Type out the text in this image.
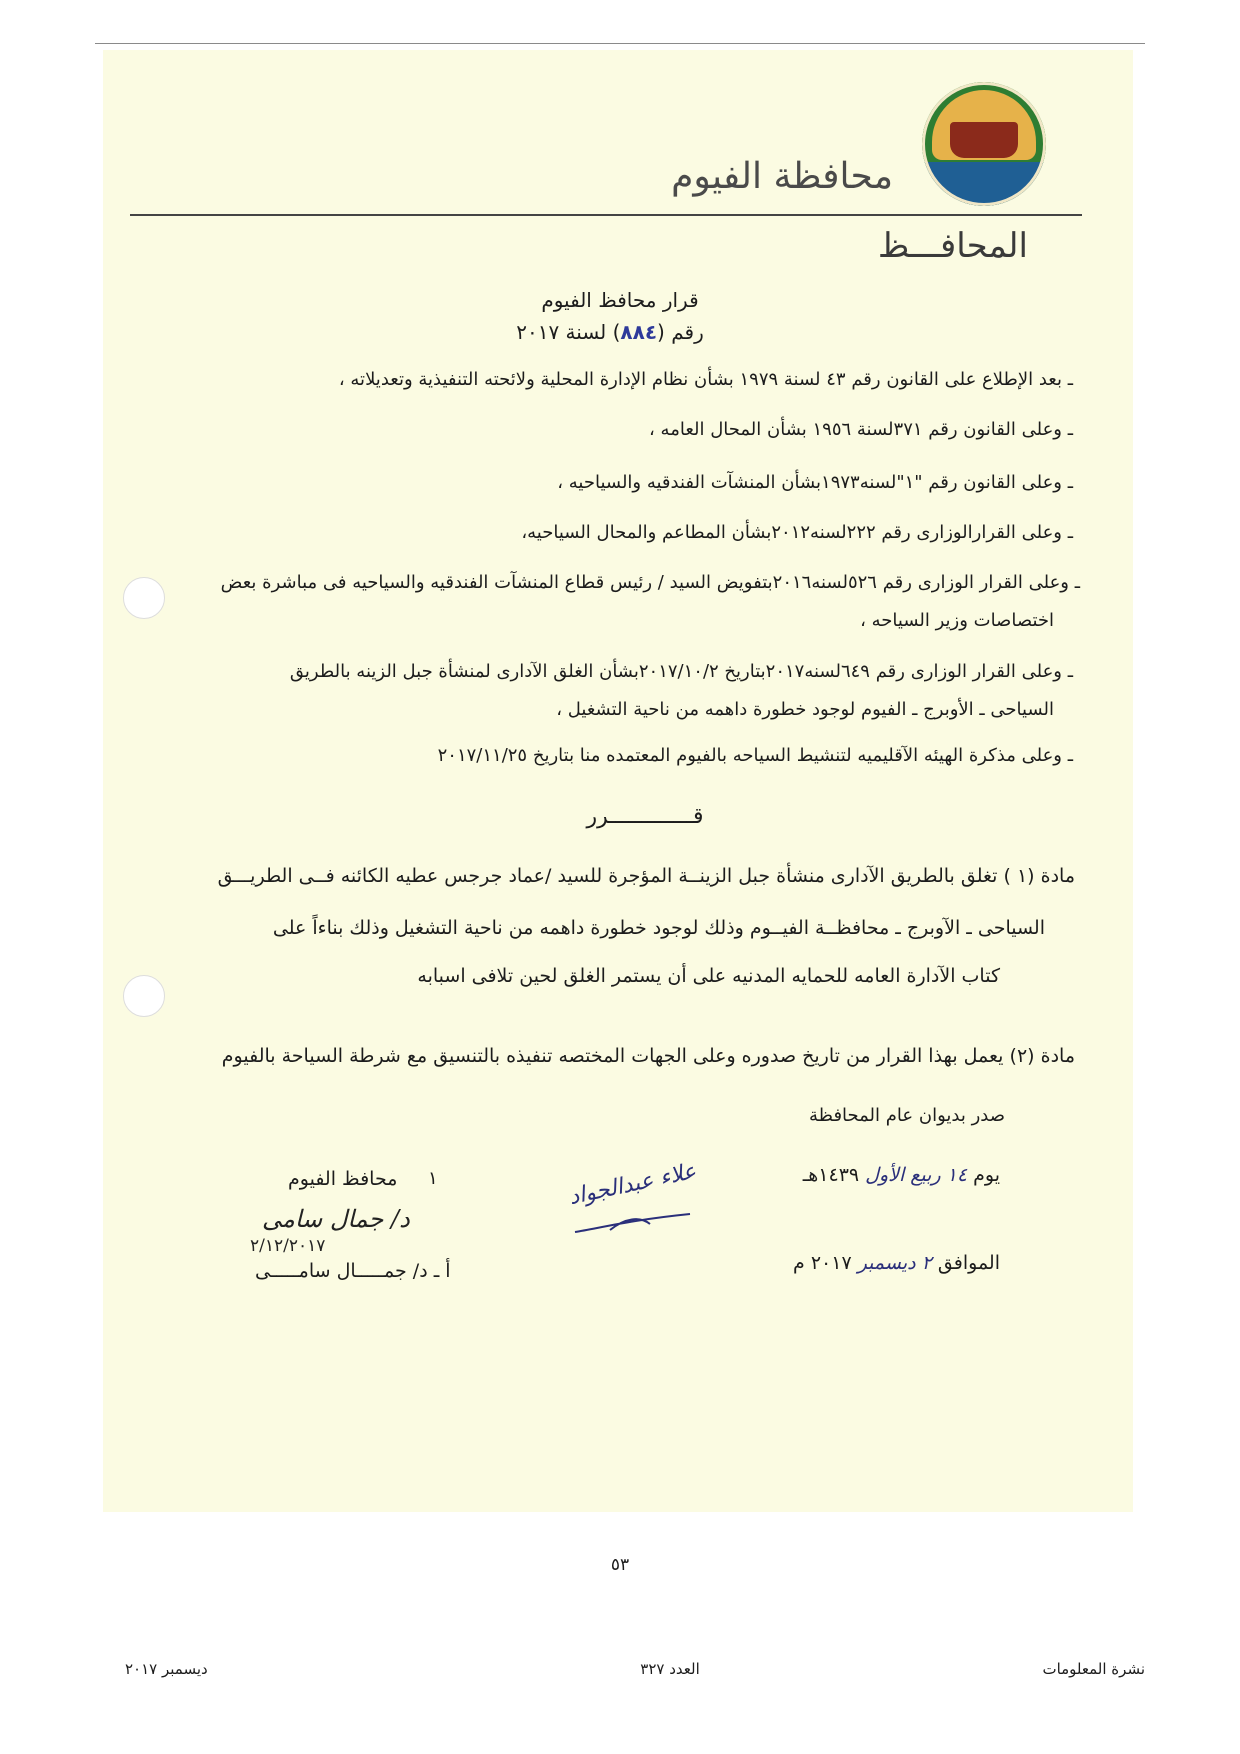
محافظة الفيوم
المحافـــظ
قرار محافظ الفيوم
رقم (٨٨٤) لسنة ٢٠١٧
ـ بعد الإطلاع على القانون رقم ٤٣ لسنة ١٩٧٩ بشأن نظام الإدارة المحلية ولائحته التنفيذية وتعديلاته ،
ـ وعلى القانون رقم ٣٧١لسنة ١٩٥٦ بشأن المحال العامه ،
ـ وعلى القانون رقم "١"لسنه١٩٧٣بشأن المنشآت الفندقيه والسياحيه ،
ـ وعلى القرارالوزارى رقم ٢٢٢لسنه٢٠١٢بشأن المطاعم والمحال السياحيه،
ـ وعلى القرار الوزارى رقم ٥٢٦لسنه٢٠١٦بتفويض السيد / رئيس قطاع المنشآت الفندقيه والسياحيه فى مباشرة بعض
اختصاصات وزير السياحه ،
ـ وعلى القرار الوزارى رقم ٦٤٩لسنه٢٠١٧بتاريخ ٢٠١٧/١٠/٢بشأن الغلق الآدارى لمنشأة جبل الزينه بالطريق
السياحى ـ الأوبرج ـ الفيوم لوجود خطورة داهمه من ناحية التشغيل ،
ـ وعلى مذكرة الهيئه الآقليميه لتنشيط السياحه بالفيوم المعتمده منا بتاريخ ٢٠١٧/١١/٢٥
قـــــــــــــرر
مادة (١ ) تغلق بالطريق الآدارى منشأة جبل الزينــة المؤجرة للسيد /عماد جرجس عطيه الكائنه فــى الطريـــق
السياحى ـ الآوبرج ـ محافظــة الفيــوم وذلك لوجود خطورة داهمه من ناحية التشغيل وذلك بناءاً على
كتاب الآدارة العامه للحمايه المدنيه على أن يستمر الغلق لحين تلافى اسبابه
مادة (٢) يعمل بهذا القرار من تاريخ صدوره وعلى الجهات المختصه تنفيذه بالتنسيق مع شرطة السياحة بالفيوم
صدر بديوان عام المحافظة
يوم ١٤ ربيع الأول ١٤٣٩هـ
الموافق ٢ ديسمبر ٢٠١٧ م
١
محافظ الفيوم
د/ جمال سامى
٢/١٢/٢٠١٧
أ ـ د/ جمـــــال سامـــــى
علاء عبدالجواد
٥٣
ديسمبر ٢٠١٧	العدد ٣٢٧	نشرة المعلومات
